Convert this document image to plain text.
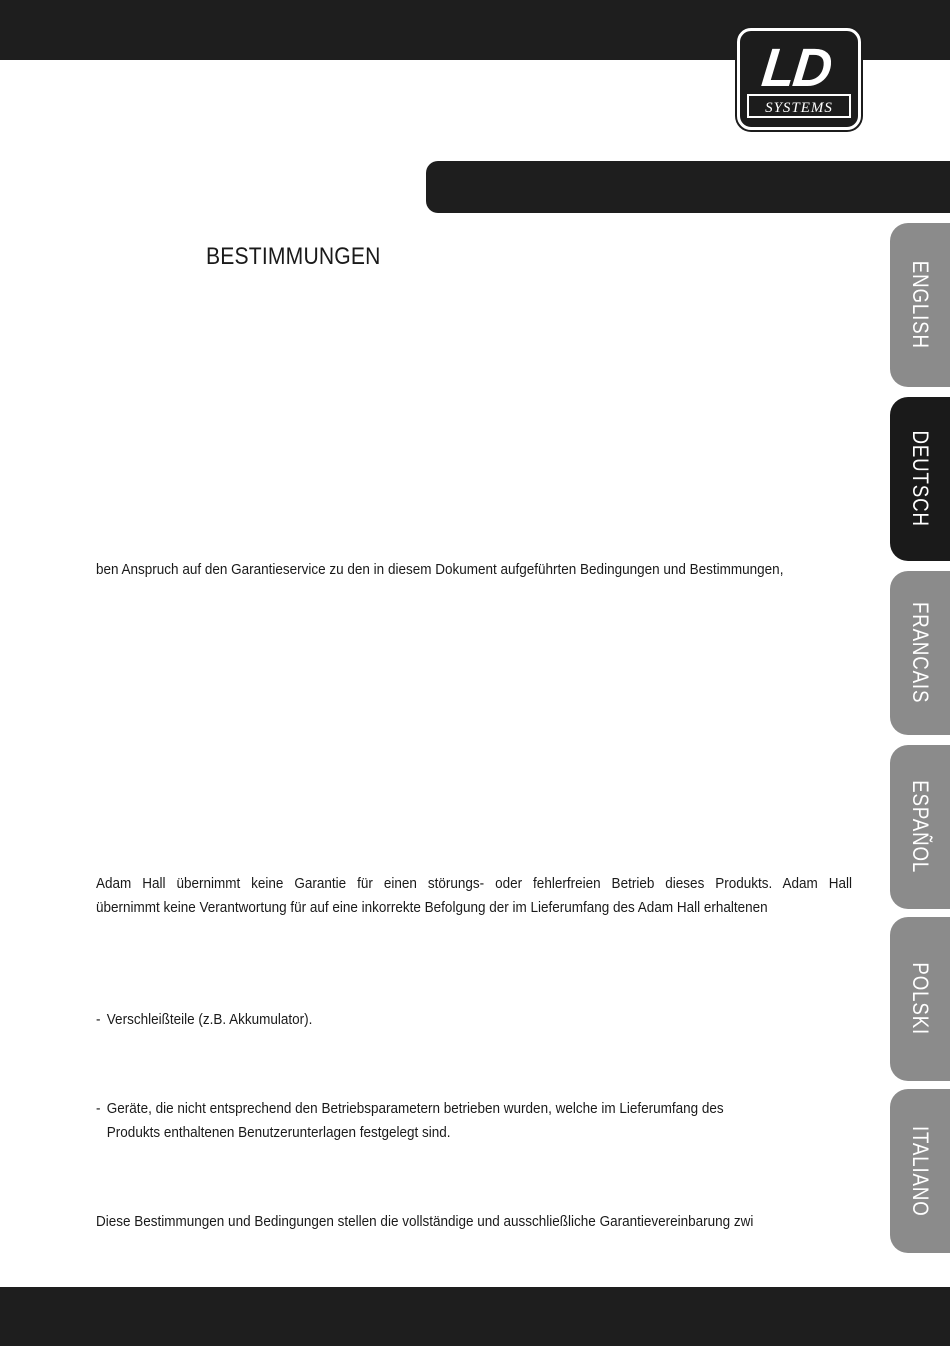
LD
SYSTEMS
BESTIMMUNGEN
ben Anspruch auf den Garantieservice zu den in diesem Dokument aufgeführten Bedingungen und Bestimmungen,
Adam Hall übernimmt keine Garantie für einen störungs- oder fehlerfreien Betrieb dieses Produkts. Adam Hall
übernimmt keine Verantwortung für auf eine inkorrekte Befolgung der im Lieferumfang des Adam Hall erhaltenen
- Verschleißteile (z.B. Akkumulator).
- Geräte, die nicht entsprechend den Betriebsparametern betrieben wurden, welche im Lieferumfang des
Produkts enthaltenen Benutzerunterlagen festgelegt sind.
Diese Bestimmungen und Bedingungen stellen die vollständige und ausschließliche Garantievereinbarung zwi
ENGLISH
DEUTSCH
FRANCAIS
ESPAÑOL
POLSKI
ITALIANO
